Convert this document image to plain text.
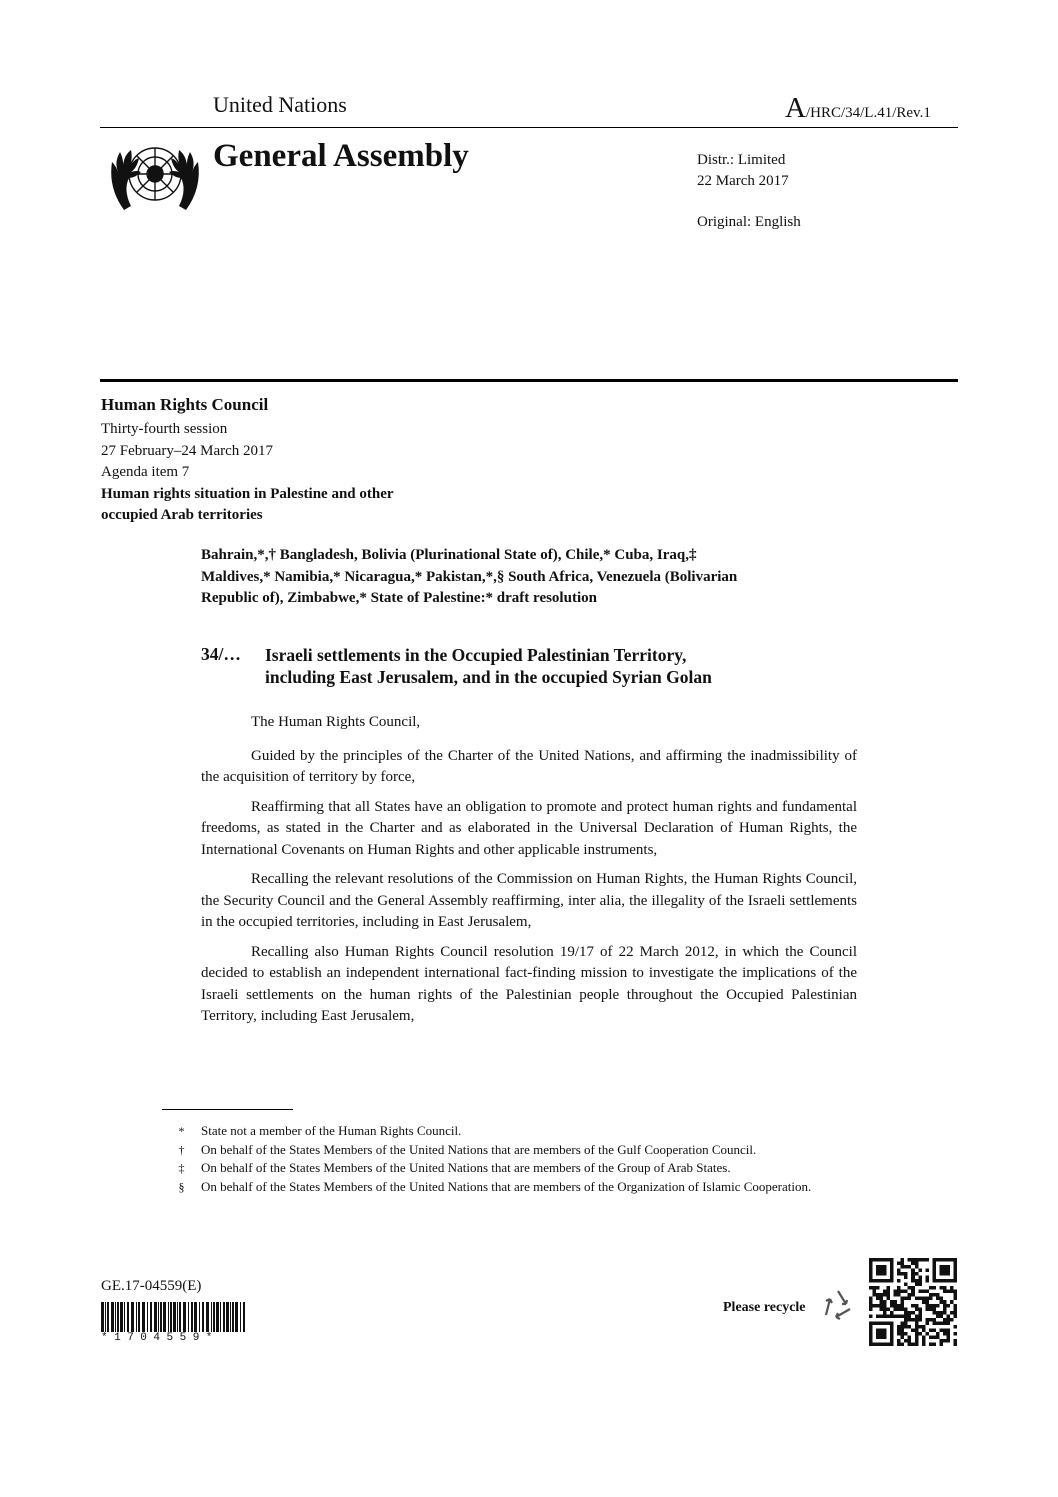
United Nations	A/HRC/34/L.41/Rev.1
General Assembly	Distr.: Limited
22 March 2017
Original: English
Human Rights Council
Thirty-fourth session
27 February–24 March 2017
Agenda item 7
Human rights situation in Palestine and other
occupied Arab territories
Bahrain,*,† Bangladesh, Bolivia (Plurinational State of), Chile,* Cuba, Iraq,‡
Maldives,* Namibia,* Nicaragua,* Pakistan,*,§ South Africa, Venezuela (Bolivarian
Republic of), Zimbabwe,* State of Palestine:* draft resolution
34/… Israeli settlements in the Occupied Palestinian Territory,
including East Jerusalem, and in the occupied Syrian Golan

The Human Rights Council,

Guided by the principles of the Charter of the United Nations, and affirming the inadmissibility of the acquisition of territory by force,

Reaffirming that all States have an obligation to promote and protect human rights and fundamental freedoms, as stated in the Charter and as elaborated in the Universal Declaration of Human Rights, the International Covenants on Human Rights and other applicable instruments,

Recalling the relevant resolutions of the Commission on Human Rights, the Human Rights Council, the Security Council and the General Assembly reaffirming, inter alia, the illegality of the Israeli settlements in the occupied territories, including in East Jerusalem,

Recalling also Human Rights Council resolution 19/17 of 22 March 2012, in which the Council decided to establish an independent international fact-finding mission to investigate the implications of the Israeli settlements on the human rights of the Palestinian people throughout the Occupied Palestinian Territory, including East Jerusalem,

*	State not a member of the Human Rights Council.
†	On behalf of the States Members of the United Nations that are members of the Gulf Cooperation Council.
‡	On behalf of the States Members of the United Nations that are members of the Group of Arab States.
§	On behalf of the States Members of the United Nations that are members of the Organization of Islamic Cooperation.
GE.17-04559(E)
*1704559*
Please recycle
